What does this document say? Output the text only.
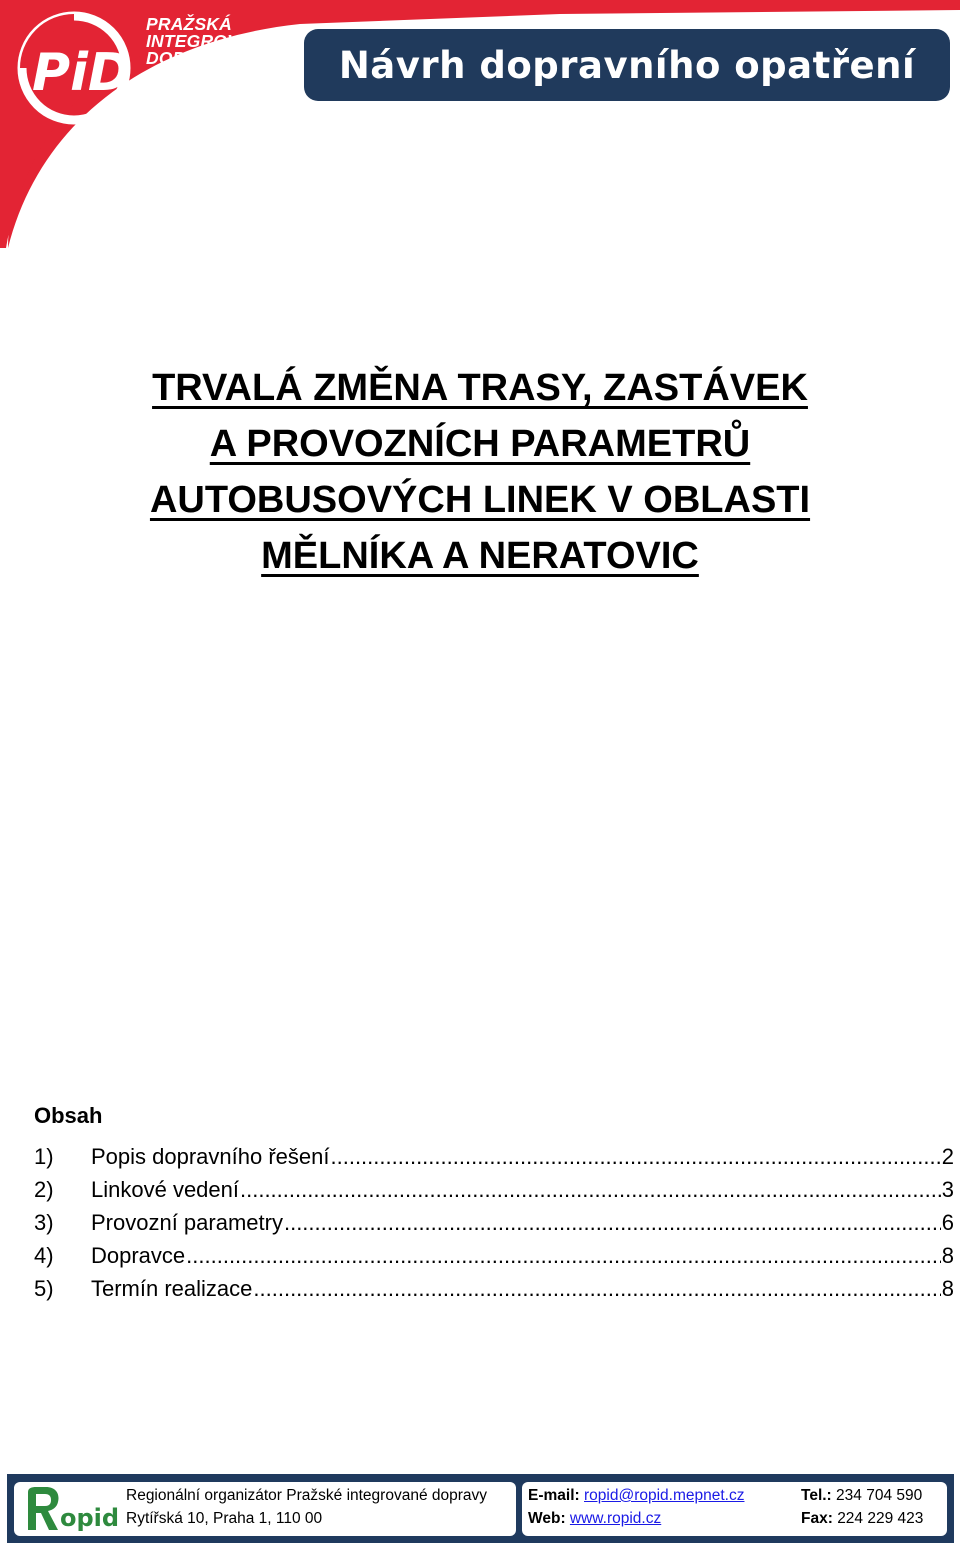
PiD
PRAŽSKÁ
INTEGROVANÁ
DOPRAVA	Návrh dopravního opatření
TRVALÁ ZMĚNA TRASY, ZASTÁVEK
A PROVOZNÍCH PARAMETRŮ
AUTOBUSOVÝCH LINEK V OBLASTI
MĚLNÍKA A NERATOVIC
Obsah
1)	Popis dopravního řešení .....	2
2)	Linkové vedení .....	3
3)	Provozní parametry .....	6
4)	Dopravce .....	8
5)	Termín realizace .....	8
opid
Regionální organizátor Pražské integrované dopravy
Rytířská 10, Praha 1, 110 00
E-mail: ropid@ropid.mepnet.cz
Web: www.ropid.cz
Tel.: 234 704 590
Fax: 224 229 423
